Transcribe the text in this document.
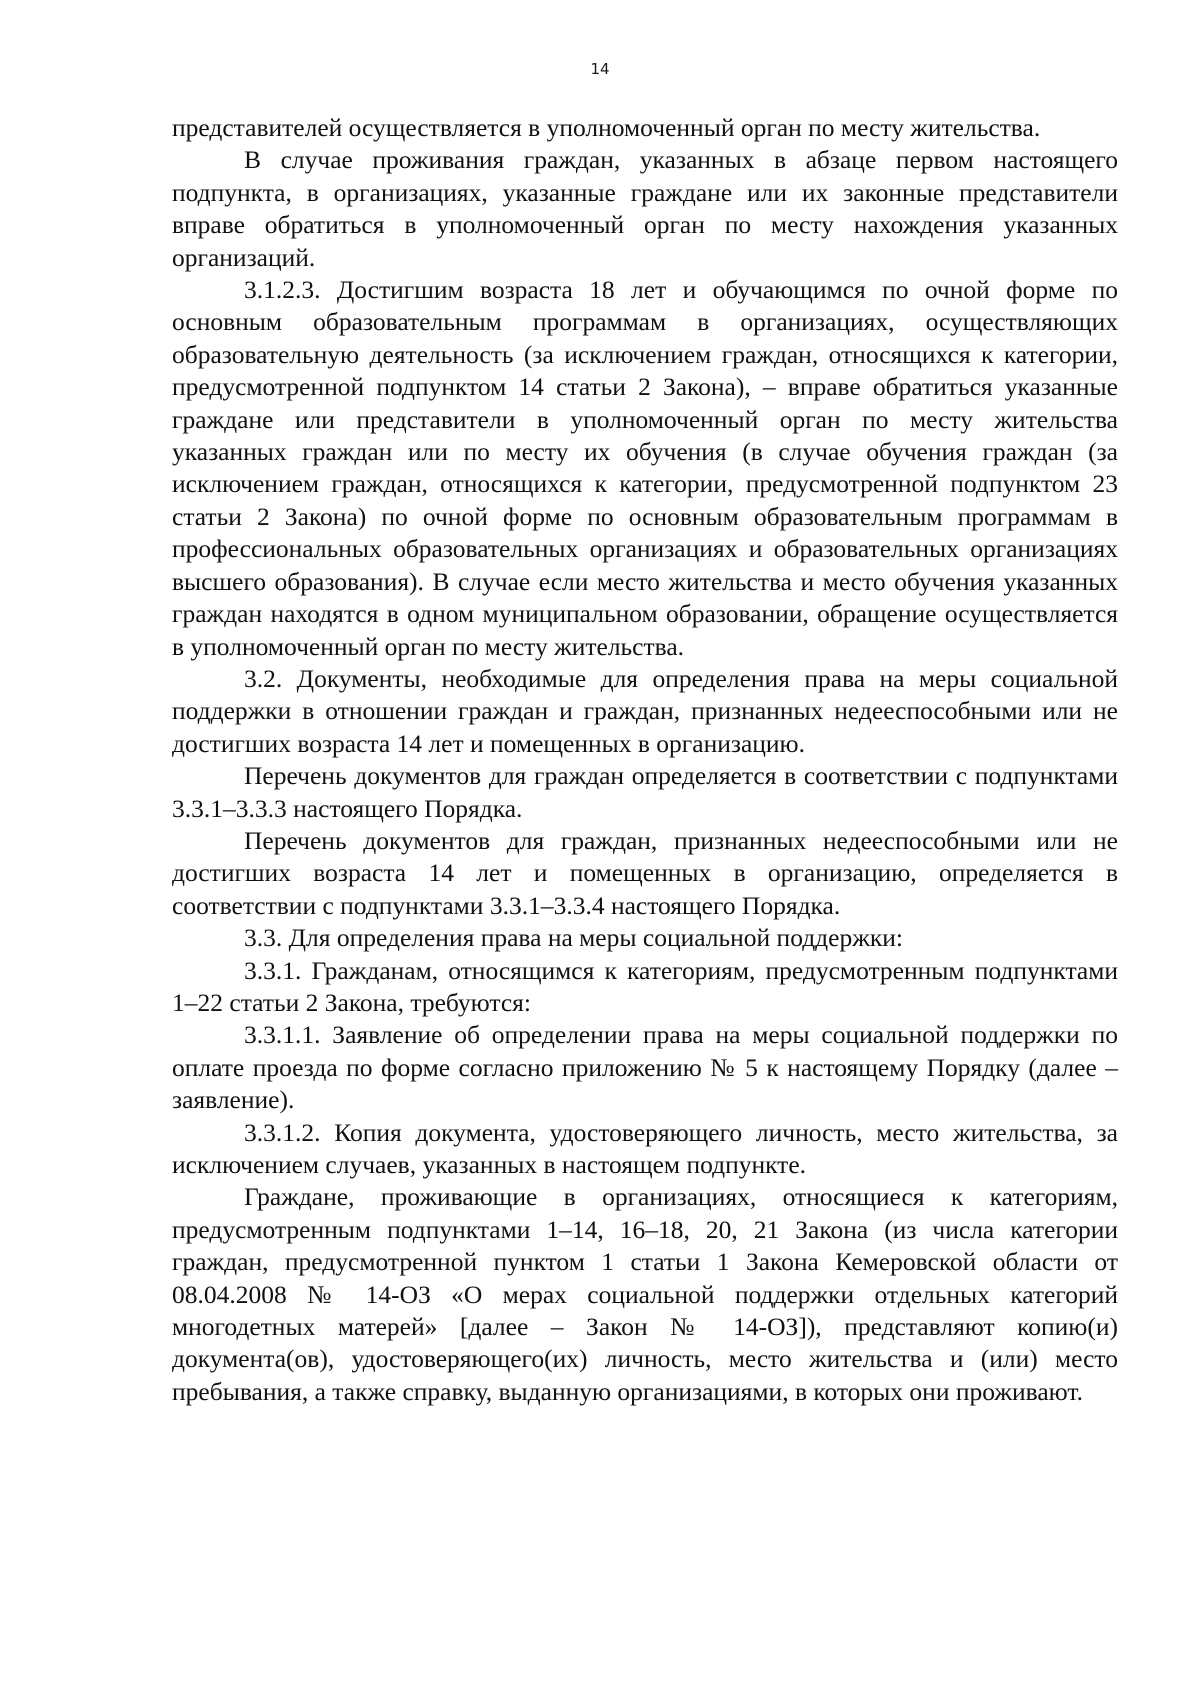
14

представителей осуществляется в уполномоченный орган по месту жительства.

В случае проживания граждан, указанных в абзаце первом настоящего подпункта, в организациях, указанные граждане или их законные представители вправе обратиться в уполномоченный орган по месту нахождения указанных организаций.

3.1.2.3. Достигшим возраста 18 лет и обучающимся по очной форме по основным образовательным программам в организациях, осуществляющих образовательную деятельность (за исключением граждан, относящихся к категории, предусмотренной подпунктом 14 статьи 2 Закона), – вправе обратиться указанные граждане или представители в уполномоченный орган по месту жительства указанных граждан или по месту их обучения (в случае обучения граждан (за исключением граждан, относящихся к категории, предусмотренной подпунктом 23 статьи 2 Закона) по очной форме по основным образовательным программам в профессиональных образовательных организациях и образовательных организациях высшего образования). В случае если место жительства и место обучения указанных граждан находятся в одном муниципальном образовании, обращение осуществляется в уполномоченный орган по месту жительства.

3.2. Документы, необходимые для определения права на меры социальной поддержки в отношении граждан и граждан, признанных недееспособными или не достигших возраста 14 лет и помещенных в организацию.

Перечень документов для граждан определяется в соответствии с подпунктами 3.3.1–3.3.3 настоящего Порядка.

Перечень документов для граждан, признанных недееспособными или не достигших возраста 14 лет и помещенных в организацию, определяется в соответствии с подпунктами 3.3.1–3.3.4 настоящего Порядка.

3.3. Для определения права на меры социальной поддержки:

3.3.1. Гражданам, относящимся к категориям, предусмотренным подпунктами 1–22 статьи 2 Закона, требуются:

3.3.1.1. Заявление об определении права на меры социальной поддержки по оплате проезда по форме согласно приложению № 5 к настоящему Порядку (далее – заявление).

3.3.1.2. Копия документа, удостоверяющего личность, место жительства, за исключением случаев, указанных в настоящем подпункте.

Граждане, проживающие в организациях, относящиеся к категориям, предусмотренным подпунктами 1–14, 16–18, 20, 21 Закона (из числа категории граждан, предусмотренной пунктом 1 статьи 1 Закона Кемеровской области от 08.04.2008 № 14-ОЗ «О мерах социальной поддержки отдельных категорий многодетных матерей» [далее – Закон № 14-ОЗ]), представляют копию(и) документа(ов), удостоверяющего(их) личность, место жительства и (или) место пребывания, а также справку, выданную организациями, в которых они проживают.
